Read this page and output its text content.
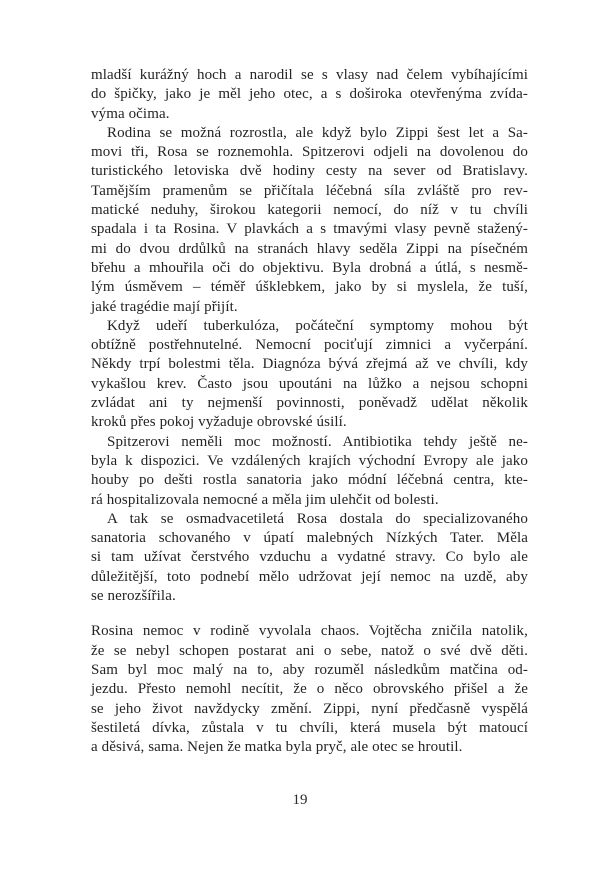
mladší kurážný hoch a narodil se s vlasy nad čelem vybíhajícími
do špičky, jako je měl jeho otec, a s doširoka otevřenýma zvída-
výma očima.
Rodina se možná rozrostla, ale když bylo Zippi šest let a Sa-
movi tři, Rosa se roznemohla. Spitzerovi odjeli na dovolenou do
turistického letoviska dvě hodiny cesty na sever od Bratislavy.
Tamějším pramenům se přičítala léčebná síla zvláště pro rev-
matické neduhy, širokou kategorii nemocí, do níž v tu chvíli
spadala i ta Rosina. V plavkách a s tmavými vlasy pevně stažený-
mi do dvou drdůlků na stranách hlavy seděla Zippi na písečném
břehu a mhouřila oči do objektivu. Byla drobná a útlá, s nesmě-
lým úsměvem – téměř úšklebkem, jako by si myslela, že tuší,
jaké tragédie mají přijít.
Když udeří tuberkulóza, počáteční symptomy mohou být
obtížně postřehnutelné. Nemocní pociťují zimnici a vyčerpání.
Někdy trpí bolestmi těla. Diagnóza bývá zřejmá až ve chvíli, kdy
vykašlou krev. Často jsou upoutáni na lůžko a nejsou schopni
zvládat ani ty nejmenší povinnosti, poněvadž udělat několik
kroků přes pokoj vyžaduje obrovské úsilí.
Spitzerovi neměli moc možností. Antibiotika tehdy ještě ne-
byla k dispozici. Ve vzdálených krajích východní Evropy ale jako
houby po dešti rostla sanatoria jako módní léčebná centra, kte-
rá hospitalizovala nemocné a měla jim ulehčit od bolesti.
A tak se osmadvacetiletá Rosa dostala do specializovaného
sanatoria schovaného v úpatí malebných Nízkých Tater. Měla
si tam užívat čerstvého vzduchu a vydatné stravy. Co bylo ale
důležitější, toto podnebí mělo udržovat její nemoc na uzdě, aby
se nerozšířila.
Rosina nemoc v rodině vyvolala chaos. Vojtěcha zničila natolik,
že se nebyl schopen postarat ani o sebe, natož o své dvě děti.
Sam byl moc malý na to, aby rozuměl následkům matčina od-
jezdu. Přesto nemohl necítit, že o něco obrovského přišel a že
se jeho život navždycky změní. Zippi, nyní předčasně vyspělá
šestiletá dívka, zůstala v tu chvíli, která musela být matoucí
a děsivá, sama. Nejen že matka byla pryč, ale otec se hroutil.
19
